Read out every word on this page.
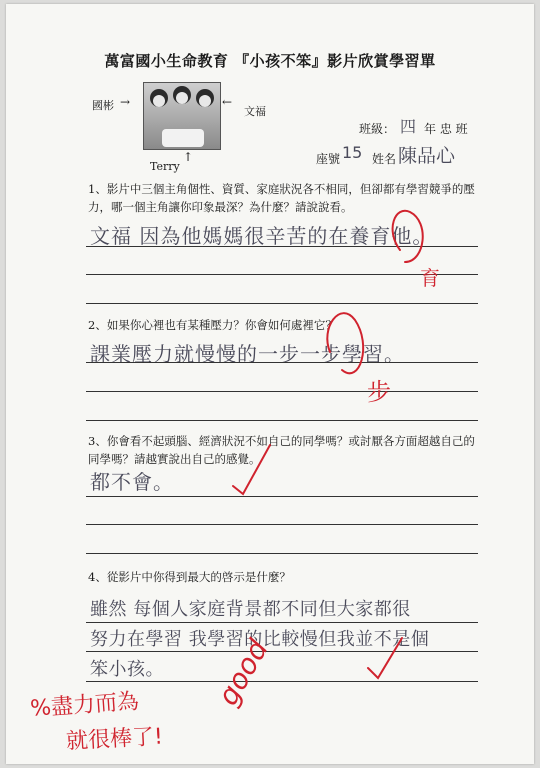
萬富國小生命教育 『小孩不笨』影片欣賞學習單
國彬 →	←
文福
↑
Terry
班級： 四 年 忠 班
座號 15 姓名 陳品心
1、影片中三個主角個性、資質、家庭狀況各不相同，但卻都有學習競爭的壓力，哪一個主角讓你印象最深？為什麼？請說說看。
文福 因為他媽媽很辛苦的在養育他。
2、如果你心裡也有某種壓力？你會如何處裡它？
課業壓力就慢慢的一步一步學習。
3、你會看不起頭腦、經濟狀況不如自己的同學嗎？或討厭各方面超越自己的同學嗎？請越實說出自己的感覺。
都不會。
4、從影片中你得到最大的啓示是什麼？
雖然 每個人家庭背景都不同但大家都很
努力在學習 我學習的比較慢但我並不是個
笨小孩。
育
步
good
%盡力而為
就很棒了!
